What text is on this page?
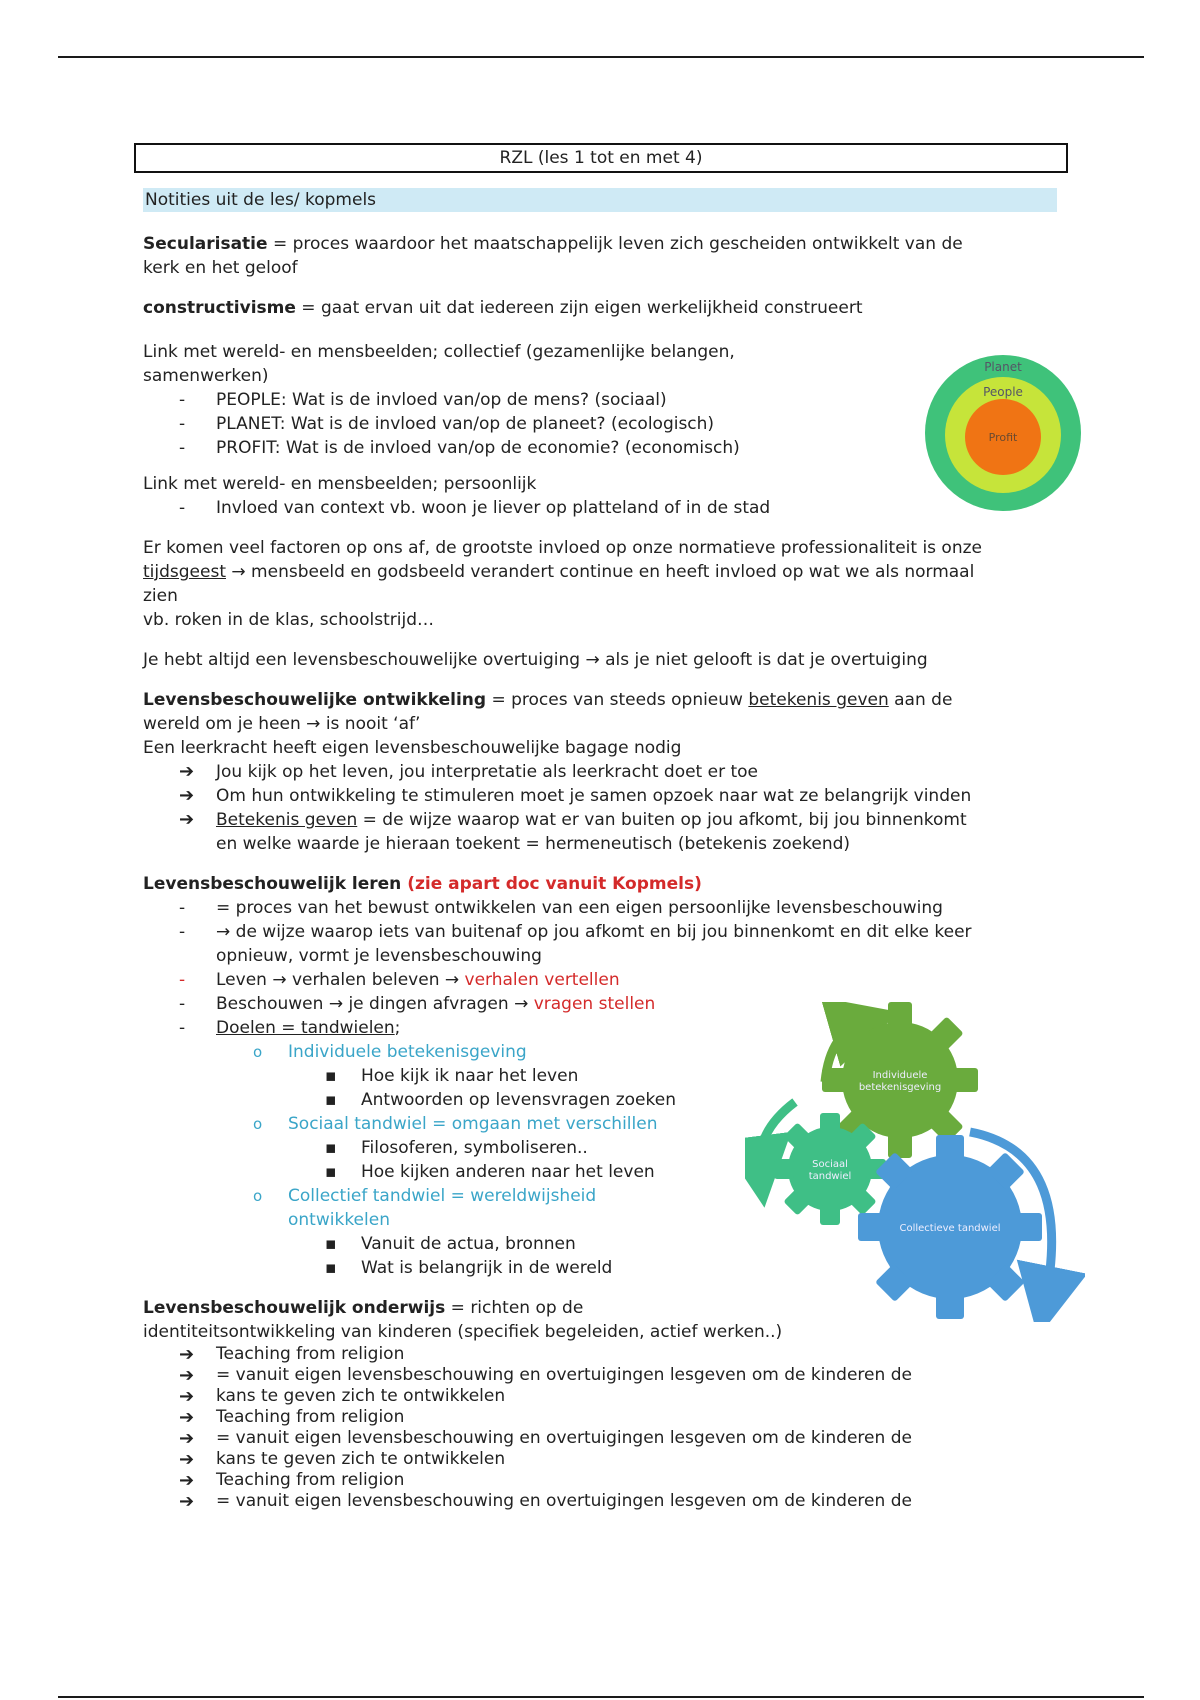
RZL (les 1 tot en met 4)
Notities uit de les/ kopmels

Secularisatie = proces waardoor het maatschappelijk leven zich gescheiden ontwikkelt van de
kerk en het geloof

constructivisme = gaat ervan uit dat iedereen zijn eigen werkelijkheid construeert

Link met wereld- en mensbeelden; collectief (gezamenlijke belangen,

samenwerken)

-	PEOPLE: Wat is de invloed van/op de mens? (sociaal)
-	PLANET: Wat is de invloed van/op de planeet? (ecologisch)
-	PROFIT: Wat is de invloed van/op de economie? (economisch)

Link met wereld- en mensbeelden; persoonlijk

-	Invloed van context vb. woon je liever op platteland of in de stad

Er komen veel factoren op ons af, de grootste invloed op onze normatieve professionaliteit is onze
tijdsgeest → mensbeeld en godsbeeld verandert continue en heeft invloed op wat we als normaal
zien
vb. roken in de klas, schoolstrijd…

Je hebt altijd een levensbeschouwelijke overtuiging → als je niet gelooft is dat je overtuiging

Levensbeschouwelijke ontwikkeling = proces van steeds opnieuw betekenis geven aan de

wereld om je heen → is nooit ‘af’

Een leerkracht heeft eigen levensbeschouwelijke bagage nodig

➔ Jou kijk op het leven, jou interpretatie als leerkracht doet er toe
➔ Om hun ontwikkeling te stimuleren moet je samen opzoek naar wat ze belangrijk vinden
➔ Betekenis geven = de wijze waarop wat er van buiten op jou afkomt, bij jou binnenkomt
en welke waarde je hieraan toekent = hermeneutisch (betekenis zoekend)

Levensbeschouwelijk leren (zie apart doc vanuit Kopmels)

-	= proces van het bewust ontwikkelen van een eigen persoonlijke levensbeschouwing
-	→ de wijze waarop iets van buitenaf op jou afkomt en bij jou binnenkomt en dit elke keer
opnieuw, vormt je levensbeschouwing
-	Leven → verhalen beleven → verhalen vertellen
-	Beschouwen → je dingen afvragen → vragen stellen
-	Doelen = tandwielen;
o Individuele betekenisgeving
▪ Hoe kijk ik naar het leven
▪ Antwoorden op levensvragen zoeken
o Sociaal tandwiel = omgaan met verschillen
▪ Filosoferen, symboliseren..
▪ Hoe kijken anderen naar het leven
o Collectief tandwiel = wereldwijsheid
ontwikkelen
▪ Vanuit de actua, bronnen
▪ Wat is belangrijk in de wereld

Levensbeschouwelijk onderwijs = richten op de

identiteitsontwikkeling van kinderen (specifiek begeleiden, actief werken..)

➔ Teaching from religion
➔ = vanuit eigen levensbeschouwing en overtuigingen lesgeven om de kinderen de
➔ kans te geven zich te ontwikkelen
➔ Teaching from religion
➔ = vanuit eigen levensbeschouwing en overtuigingen lesgeven om de kinderen de
➔ kans te geven zich te ontwikkelen
➔ Teaching from religion
➔ = vanuit eigen levensbeschouwing en overtuigingen lesgeven om de kinderen de
Planet
People
Profit
Individuele
betekenisgeving
Sociaal
tandwiel
Collectieve tandwiel
